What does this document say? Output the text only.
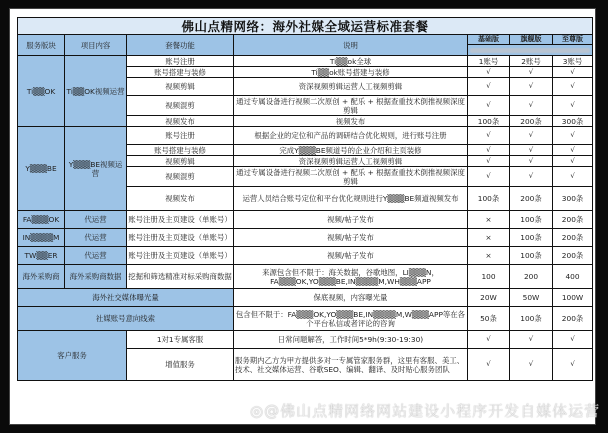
佛山点精网络：海外社媒全域运营标准套餐						
服务版块	项目内容	套餐功能	说明	基础版	旗舰版	至尊版

Ti▒▒OK	Ti▒▒OK视频运营	账号注册	Ti▒▒ok全球	1账号	2账号	3账号
		账号搭建与装修	Ti▒▒ok账号搭建与装修	√	√	√
		视频剪辑	资深视频剪辑运营人工视频剪辑	√	√	√
		视频混剪	通过专属设备进行视频二次原创 + 配乐 + 根据查重技术倒推视频深度剪辑	√	√	√
		视频发布	视频发布	100条	200条	300条
Y▒▒▒BE	Y▒▒▒BE视频运营	账号注册	根据企业的定位和产品的调研结合优化规则，进行账号注册	√	√	√
		账号搭建与装修	完成Y▒▒▒BE频道号的企业介绍和主页装修	√	√	√
		视频剪辑	资深视频剪辑运营人工视频剪辑	√	√	√
		视频混剪	通过专属设备进行视频二次原创 + 配乐 + 根据查重技术倒推视频深度剪辑	√	√	√
		视频发布	运营人员结合账号定位和平台优化规则进行Y▒▒▒BE频道视频发布	100条	200条	300条
FA▒▒▒OK	代运营	账号注册及主页建设（单账号）	视频/帖子发布	×	100条	200条
IN▒▒▒▒M	代运营	账号注册及主页建设（单账号）	视频/帖子发布	×	100条	200条
TW▒▒ER	代运营	账号注册及主页建设（单账号）	视频/帖子发布	×	100条	200条
海外采购商	海外采购商数据	挖掘和筛选精准对标采购商数据	来源包含但不限于：海关数据，谷歌地图，LI▒▒▒N，FA▒▒▒OK,YO▒▒▒BE,IN▒▒▒▒M,WH▒▒▒APP	100	200	400
海外社交媒体曝光量			保底视频，内容曝光量	20W	50W	100W
社媒账号意向线索			包含但不限于：FA▒▒▒OK,YO▒▒▒BE,IN▒▒▒▒M,W▒▒▒APP等在各个平台私信或者评论的咨询	50条	100条	200条
客户服务		1对1专属客服	日常问题解答，工作时间5*9h(9:30-19:30)	√	√	√
		增值服务	服务期内乙方为甲方提供多对一专属管家服务群，这里有客服、美工、技术、社交媒体运营、谷歌SEO、编辑、翻译、及时贴心服务团队	√	√	√
◎@佛山点精网络网站建设小程序开发自媒体运营
